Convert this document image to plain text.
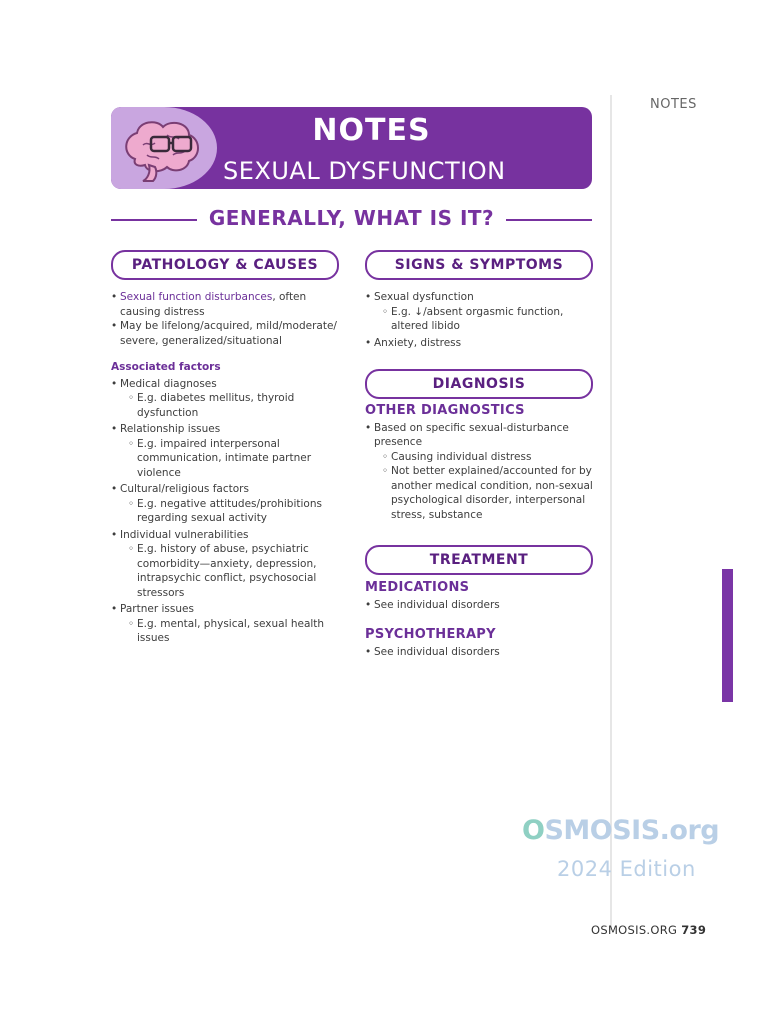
NOTES
NOTES
SEXUAL DYSFUNCTION
GENERALLY, WHAT IS IT?
PATHOLOGY & CAUSES	SIGNS & SYMPTOMS
• Sexual function disturbances, often causing distress
• May be lifelong/acquired, mild/moderate/ severe, generalized/situational
Associated factors
• Medical diagnoses
◦ E.g. diabetes mellitus, thyroid dysfunction
• Relationship issues
◦ E.g. impaired interpersonal communication, intimate partner violence
• Cultural/religious factors
◦ E.g. negative attitudes/prohibitions regarding sexual activity
• Individual vulnerabilities
◦ E.g. history of abuse, psychiatric comorbidity—anxiety, depression, intrapsychic conflict, psychosocial stressors
• Partner issues
◦ E.g. mental, physical, sexual health issues
• Sexual dysfunction
◦ E.g. ↓/absent orgasmic function, altered libido
• Anxiety, distress
DIAGNOSIS
OTHER DIAGNOSTICS
• Based on specific sexual-disturbance presence
◦ Causing individual distress
◦ Not better explained/accounted for by another medical condition, non-sexual psychological disorder, interpersonal stress, substance
TREATMENT
MEDICATIONS
• See individual disorders
PSYCHOTHERAPY
• See individual disorders
OSMOSIS.org
2024 Edition
OSMOSIS.ORG 739
